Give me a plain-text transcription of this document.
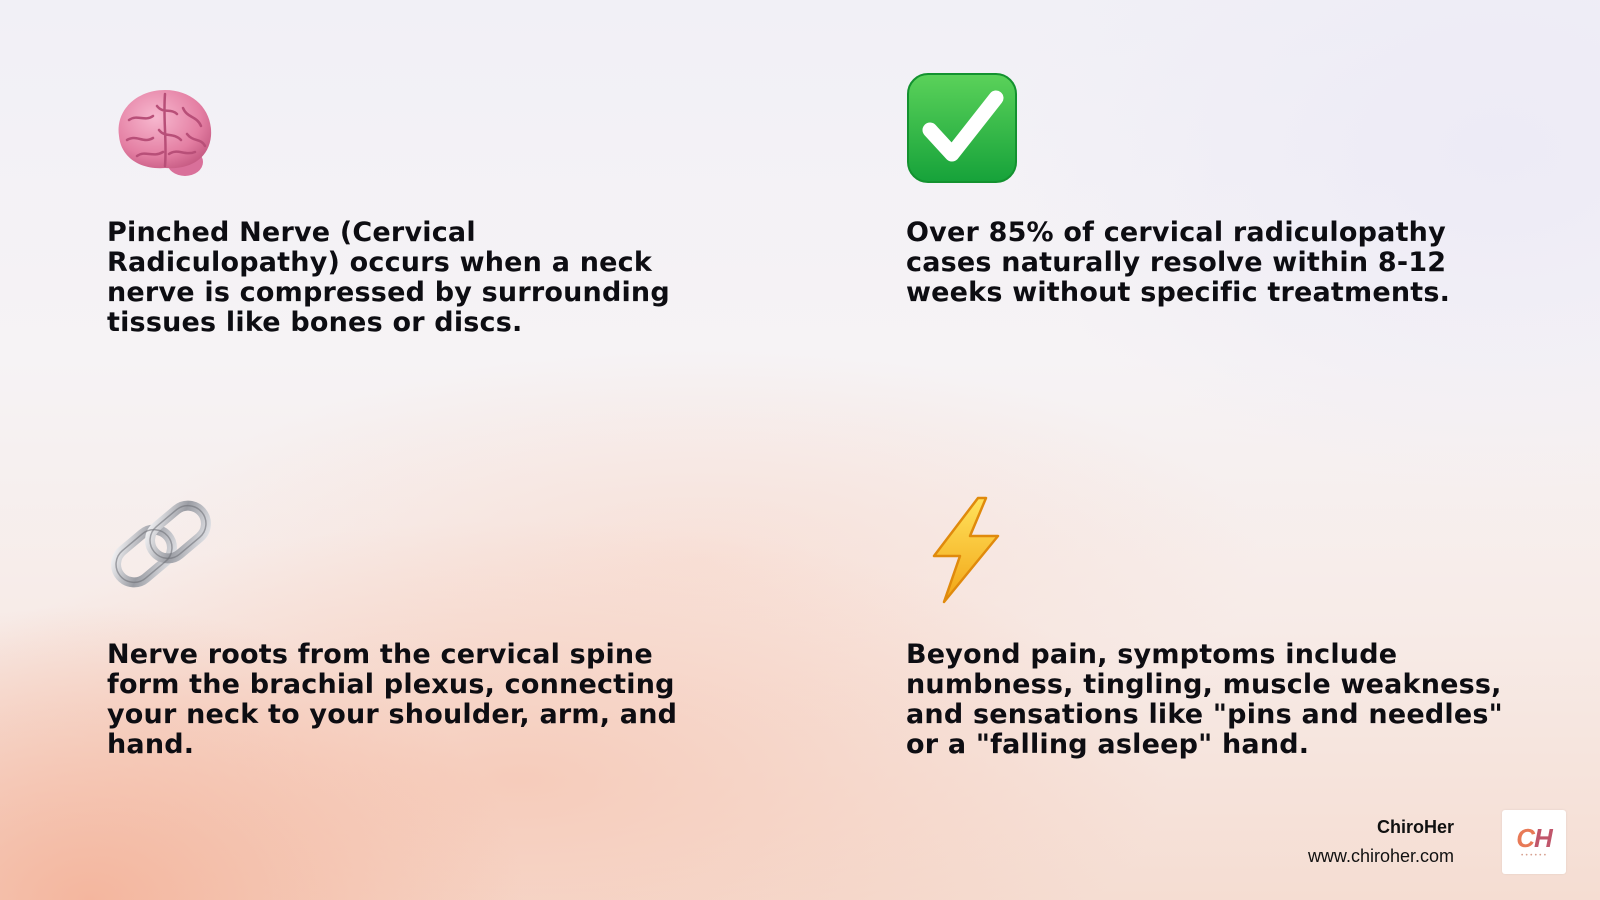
Pinched Nerve (Cervical Radiculopathy) occurs when a neck nerve is compressed by surrounding tissues like bones or discs.

Over 85% of cervical radiculopathy cases naturally resolve within 8-12 weeks without specific treatments.

Nerve roots from the cervical spine form the brachial plexus, connecting your neck to your shoulder, arm, and hand.

Beyond pain, symptoms include numbness, tingling, muscle weakness, and sensations like "pins and needles" or a "falling asleep" hand.

ChiroHer
www.chiroher.com
CH
••••••
